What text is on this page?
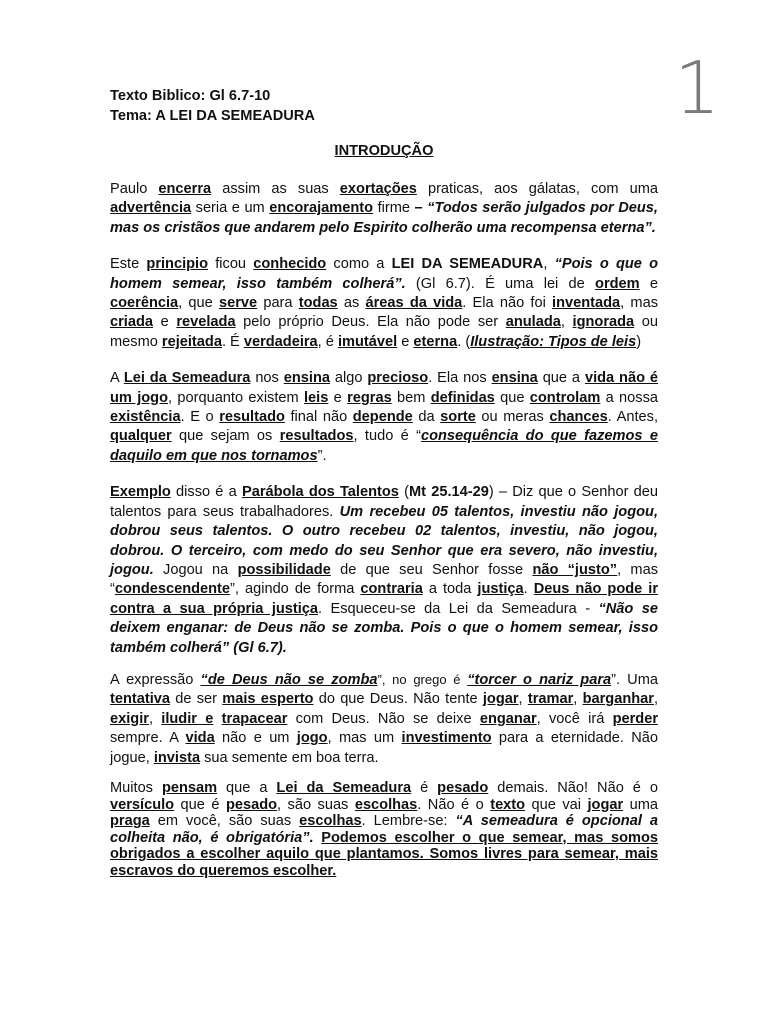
1
Texto Biblico: Gl 6.7-10
Tema: A LEI DA SEMEADURA
INTRODUÇÃO

Paulo encerra assim as suas exortações praticas, aos gálatas, com uma advertência seria e um encorajamento firme – “Todos serão julgados por Deus, mas os cristãos que andarem pelo Espirito colherão uma recompensa eterna”.

Este principio ficou conhecido como a LEI DA SEMEADURA, “Pois o que o homem semear, isso também colherá”. (Gl 6.7). É uma lei de ordem e coerência, que serve para todas as áreas da vida. Ela não foi inventada, mas criada e revelada pelo próprio Deus. Ela não pode ser anulada, ignorada ou mesmo rejeitada. É verdadeira, é imutável e eterna. (Ilustração: Tipos de leis)

A Lei da Semeadura nos ensina algo precioso. Ela nos ensina que a vida não é um jogo, porquanto existem leis e regras bem definidas que controlam a nossa existência. E o resultado final não depende da sorte ou meras chances. Antes, qualquer que sejam os resultados, tudo é “consequência do que fazemos e daquilo em que nos tornamos”.

Exemplo disso é a Parábola dos Talentos (Mt 25.14-29) – Diz que o Senhor deu talentos para seus trabalhadores. Um recebeu 05 talentos, investiu não jogou, dobrou seus talentos. O outro recebeu 02 talentos, investiu, não jogou, dobrou. O terceiro, com medo do seu Senhor que era severo, não investiu, jogou. Jogou na possibilidade de que seu Senhor fosse não “justo”, mas “condescendente”, agindo de forma contraria a toda justiça. Deus não pode ir contra a sua própria justiça. Esqueceu-se da Lei da Semeadura - “Não se deixem enganar: de Deus não se zomba. Pois o que o homem semear, isso também colherá” (Gl 6.7).

A expressão “de Deus não se zomba”, no grego é “torcer o nariz para”. Uma tentativa de ser mais esperto do que Deus. Não tente jogar, tramar, barganhar, exigir, iludir e trapacear com Deus. Não se deixe enganar, você irá perder sempre. A vida não e um jogo, mas um investimento para a eternidade. Não jogue, invista sua semente em boa terra.

Muitos pensam que a Lei da Semeadura é pesado demais. Não! Não é o versículo que é pesado, são suas escolhas. Não é o texto que vai jogar uma praga em você, são suas escolhas. Lembre-se: “A semeadura é opcional a colheita não, é obrigatória”. Podemos escolher o que semear, mas somos obrigados a escolher aquilo que plantamos. Somos livres para semear, mais escravos do queremos escolher.
